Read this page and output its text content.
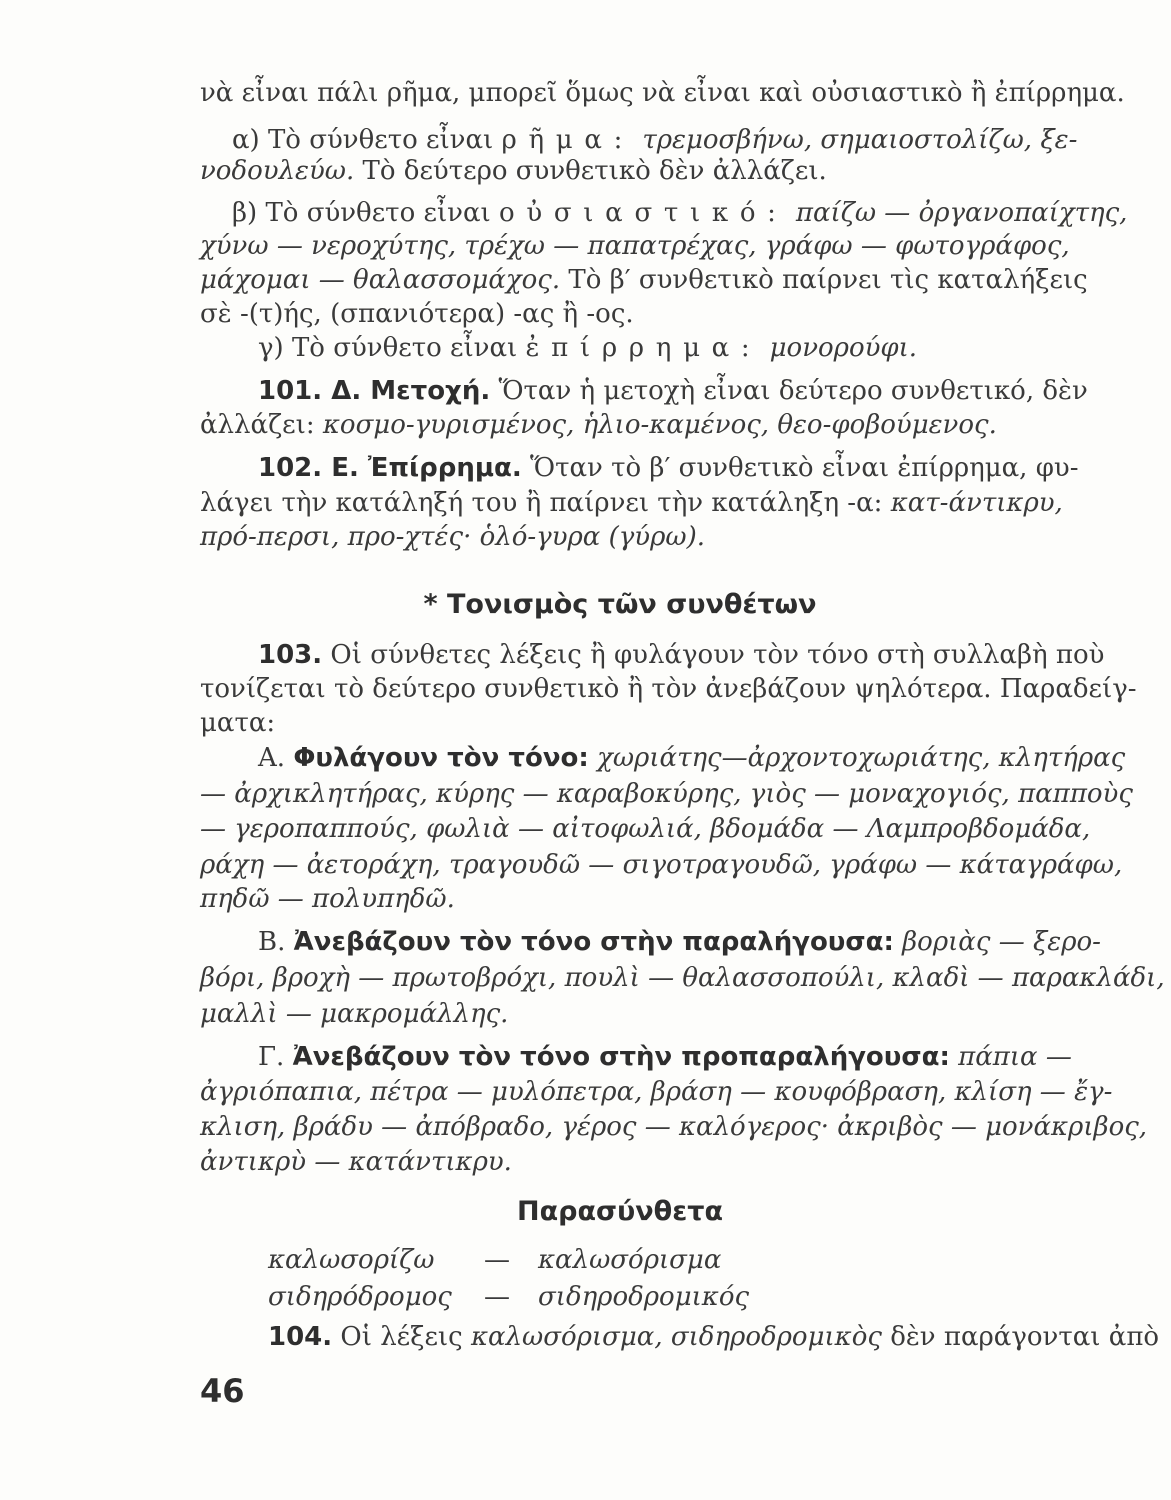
νὰ εἶναι πάλι ρῆμα, μπορεῖ ὅμως νὰ εἶναι καὶ οὐσιαστικὸ ἢ ἐπίρρημα.
α) Τὸ σύνθετο εἶναι ρῆμα: τρεμοσβήνω, σημαιοστολίζω, ξε-
νοδουλεύω. Τὸ δεύτερο συνθετικὸ δὲν ἀλλάζει.
β) Τὸ σύνθετο εἶναι οὐσιαστικό: παίζω — ὀργανοπαίχτης,
χύνω — νεροχύτης, τρέχω — παπατρέχας, γράφω — φωτογράφος,
μάχομαι — θαλασσομάχος. Τὸ β′ συνθετικὸ παίρνει τὶς καταλήξεις
σὲ -(τ)ής, (σπανιότερα) -ας ἢ -ος.
γ) Τὸ σύνθετο εἶναι ἐπίρρημα: μονορούφι.
101. Δ. Μετοχή. Ὅταν ἡ μετοχὴ εἶναι δεύτερο συνθετικό, δὲν
ἀλλάζει: κοσμο-γυρισμένος, ἡλιο-καμένος, θεο-φοβούμενος.
102. Ε. Ἐπίρρημα. Ὅταν τὸ β′ συνθετικὸ εἶναι ἐπίρρημα, φυ-
λάγει τὴν κατάληξή του ἢ παίρνει τὴν κατάληξη -α: κατ-άντικρυ,
πρό-περσι, προ-χτές· ὁλό-γυρα (γύρω).
* Τονισμὸς τῶν συνθέτων
103. Οἱ σύνθετες λέξεις ἢ φυλάγουν τὸν τόνο στὴ συλλαβὴ ποὺ
τονίζεται τὸ δεύτερο συνθετικὸ ἢ τὸν ἀνεβάζουν ψηλότερα. Παραδείγ-
ματα:
Α. Φυλάγουν τὸν τόνο: χωριάτης—ἀρχοντοχωριάτης, κλητήρας
— ἀρχικλητήρας, κύρης — καραβοκύρης, γιὸς — μοναχογιός, παπποὺς
— γεροπαππούς, φωλιὰ — αἰτοφωλιά, βδομάδα — Λαμπροβδομάδα,
ράχη — ἀετοράχη, τραγουδῶ — σιγοτραγουδῶ, γράφω — κάταγράφω,
πηδῶ — πολυπηδῶ.
Β. Ἀνεβάζουν τὸν τόνο στὴν παραλήγουσα: βοριὰς — ξερο-
βόρι, βροχὴ — πρωτοβρόχι, πουλὶ — θαλασσοπούλι, κλαδὶ — παρακλάδι,
μαλλὶ — μακρομάλλης.
Γ. Ἀνεβάζουν τὸν τόνο στὴν προπαραλήγουσα: πάπια —
ἀγριόπαπια, πέτρα — μυλόπετρα, βράση — κουφόβραση, κλίση — ἔγ-
κλιση, βράδυ — ἀπόβραδο, γέρος — καλόγερος· ἀκριβὸς — μονάκριβος,
ἀντικρὺ — κατάντικρυ.
Παρασύνθετα
καλωσορίζω — καλωσόρισμα
σιδηρόδρομος — σιδηροδρομικός
104. Οἱ λέξεις καλωσόρισμα, σιδηροδρομικὸς δὲν παράγονται ἀπὸ
46
